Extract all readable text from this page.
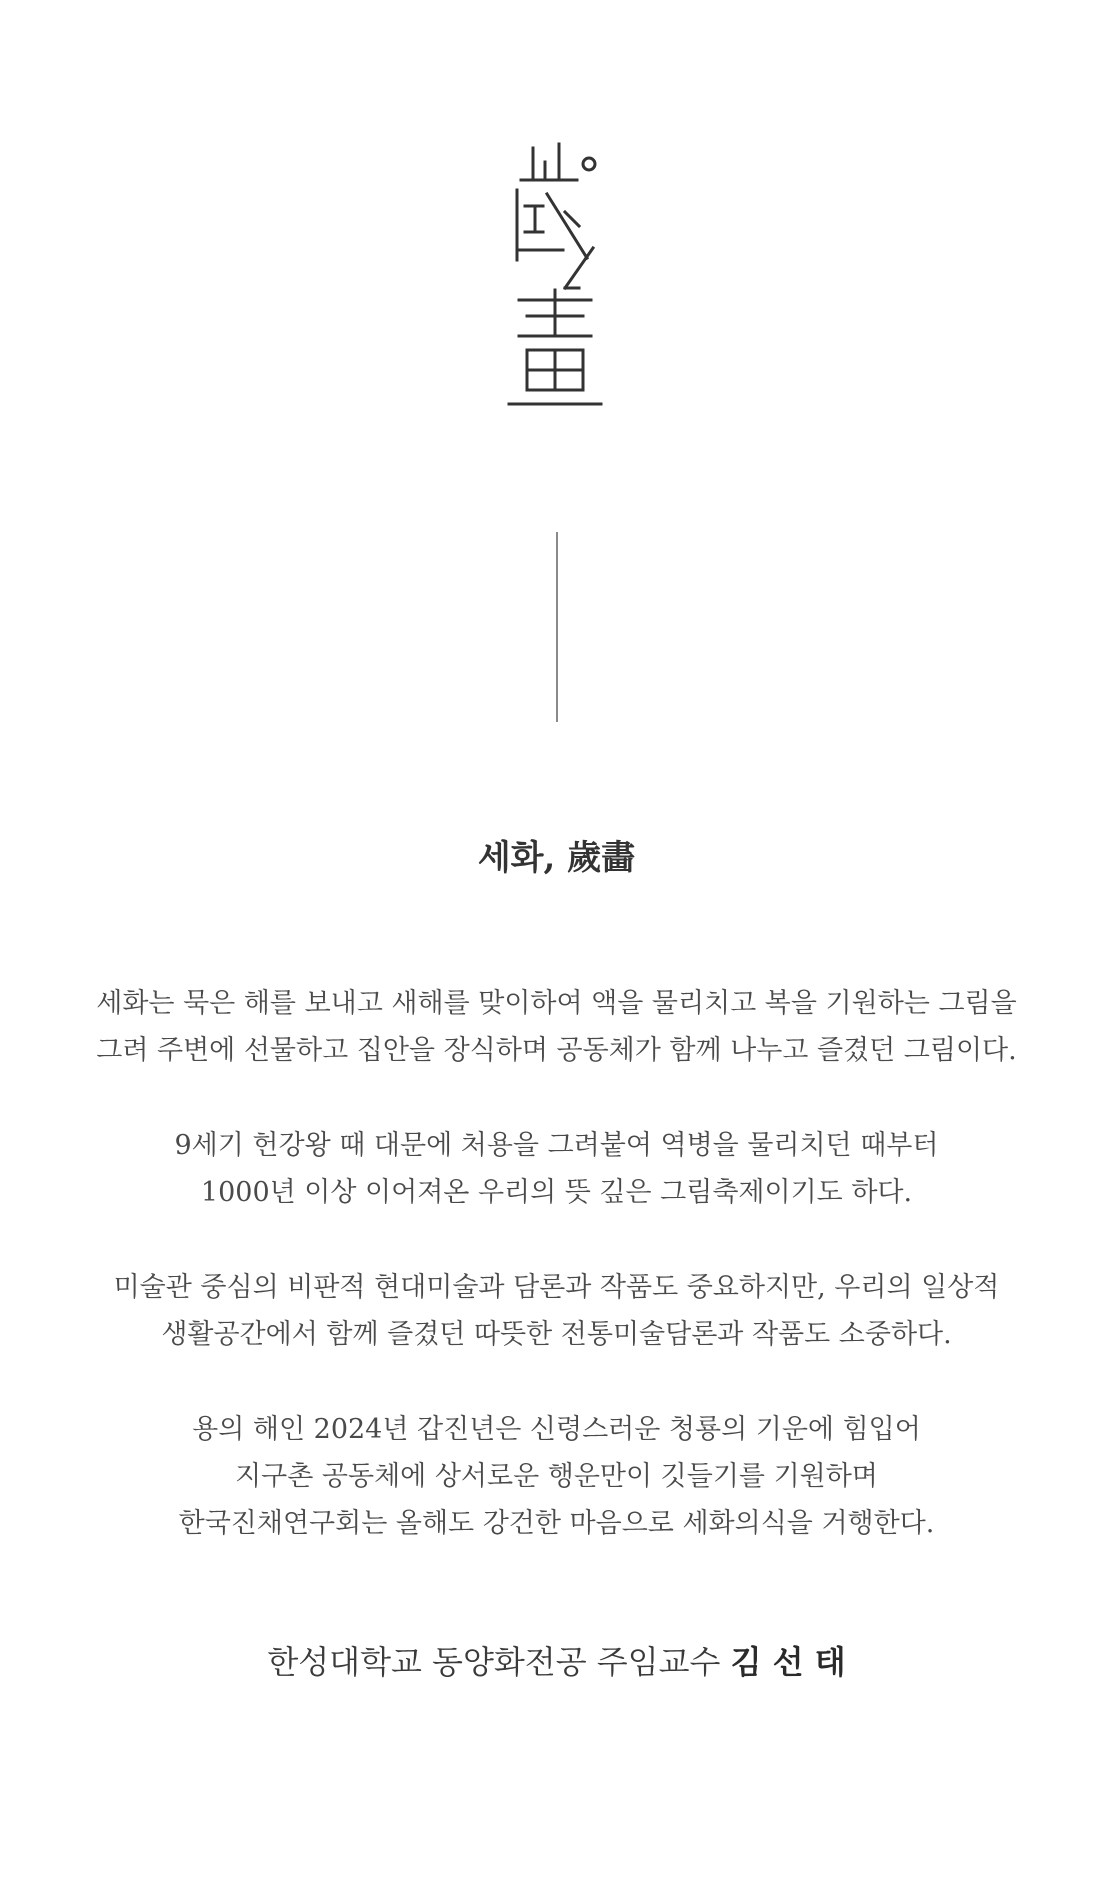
세화, 歲畵
세화는 묵은 해를 보내고 새해를 맞이하여 액을 물리치고 복을 기원하는 그림을
그려 주변에 선물하고 집안을 장식하며 공동체가 함께 나누고 즐겼던 그림이다.
9세기 헌강왕 때 대문에 처용을 그려붙여 역병을 물리치던 때부터
1000년 이상 이어져온 우리의 뜻 깊은 그림축제이기도 하다.
미술관 중심의 비판적 현대미술과 담론과 작품도 중요하지만, 우리의 일상적
생활공간에서 함께 즐겼던 따뜻한 전통미술담론과 작품도 소중하다.
용의 해인 2024년 갑진년은 신령스러운 청룡의 기운에 힘입어
지구촌 공동체에 상서로운 행운만이 깃들기를 기원하며
한국진채연구회는 올해도 강건한 마음으로 세화의식을 거행한다.
한성대학교 동양화전공 주임교수 김 선 태
